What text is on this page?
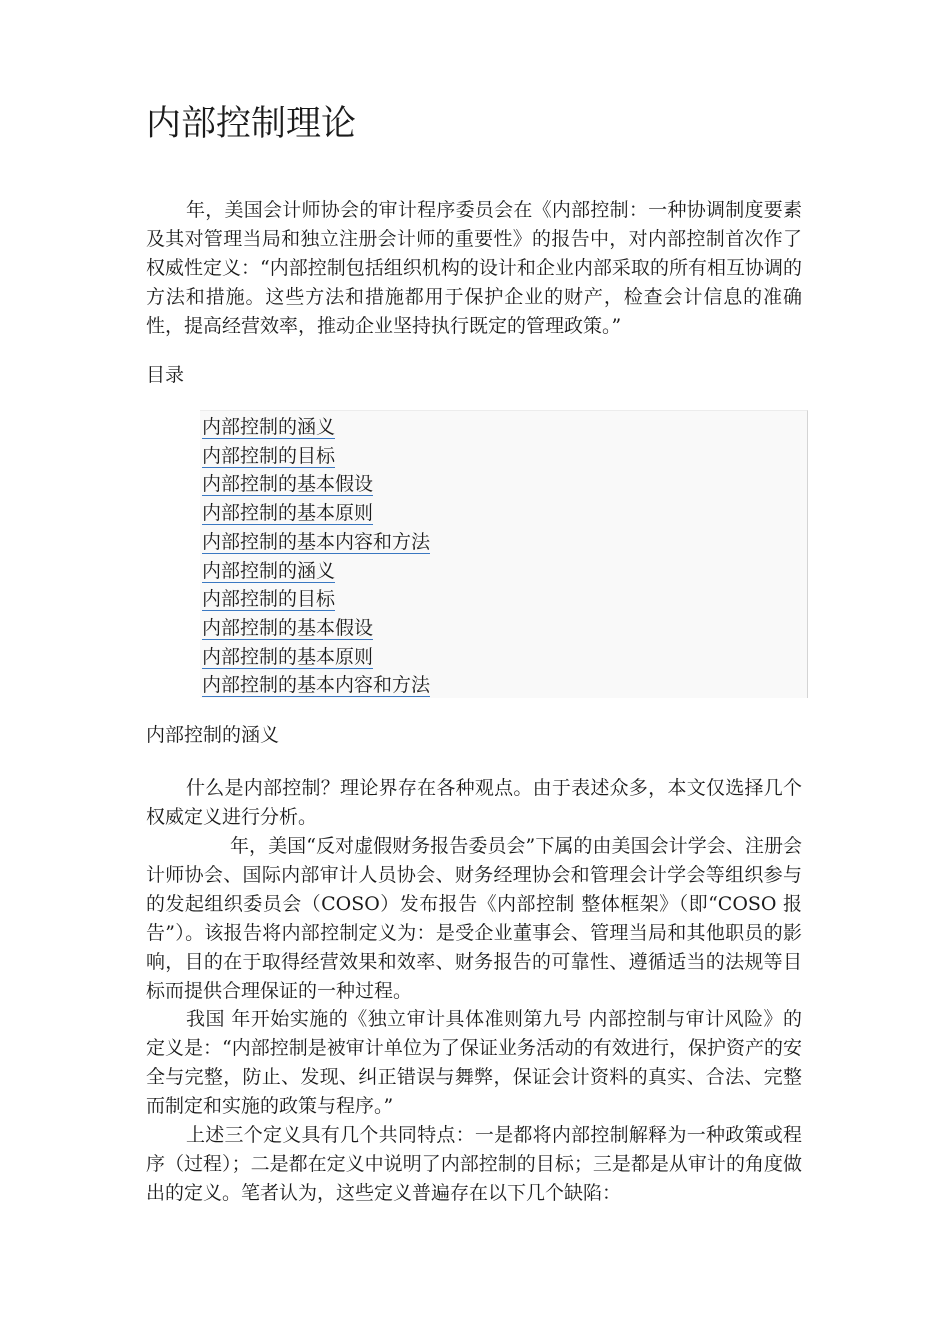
内部控制理论

年，美国会计师协会的审计程序委员会在《内部控制：一种协调制度要素及其对管理当局和独立注册会计师的重要性》的报告中，对内部控制首次作了权威性定义：“内部控制包括组织机构的设计和企业内部采取的所有相互协调的方法和措施。这些方法和措施都用于保护企业的财产，检查会计信息的准确性，提高经营效率，推动企业坚持执行既定的管理政策。”

目录

内部控制的涵义
内部控制的目标
内部控制的基本假设
内部控制的基本原则
内部控制的基本内容和方法
内部控制的涵义
内部控制的目标
内部控制的基本假设
内部控制的基本原则
内部控制的基本内容和方法

内部控制的涵义

什么是内部控制？理论界存在各种观点。由于表述众多，本文仅选择几个权威定义进行分析。

年，美国“反对虚假财务报告委员会”下属的由美国会计学会、注册会计师协会、国际内部审计人员协会、财务经理协会和管理会计学会等组织参与的发起组织委员会（COSO）发布报告《内部控制 整体框架》（即“COSO 报告”）。该报告将内部控制定义为：是受企业董事会、管理当局和其他职员的影响，目的在于取得经营效果和效率、财务报告的可靠性、遵循适当的法规等目标而提供合理保证的一种过程。

我国 年开始实施的《独立审计具体准则第九号 内部控制与审计风险》的定义是：“内部控制是被审计单位为了保证业务活动的有效进行，保护资产的安全与完整，防止、发现、纠正错误与舞弊，保证会计资料的真实、合法、完整而制定和实施的政策与程序。”

上述三个定义具有几个共同特点：一是都将内部控制解释为一种政策或程序（过程）；二是都在定义中说明了内部控制的目标；三是都是从审计的角度做出的定义。笔者认为，这些定义普遍存在以下几个缺陷：
